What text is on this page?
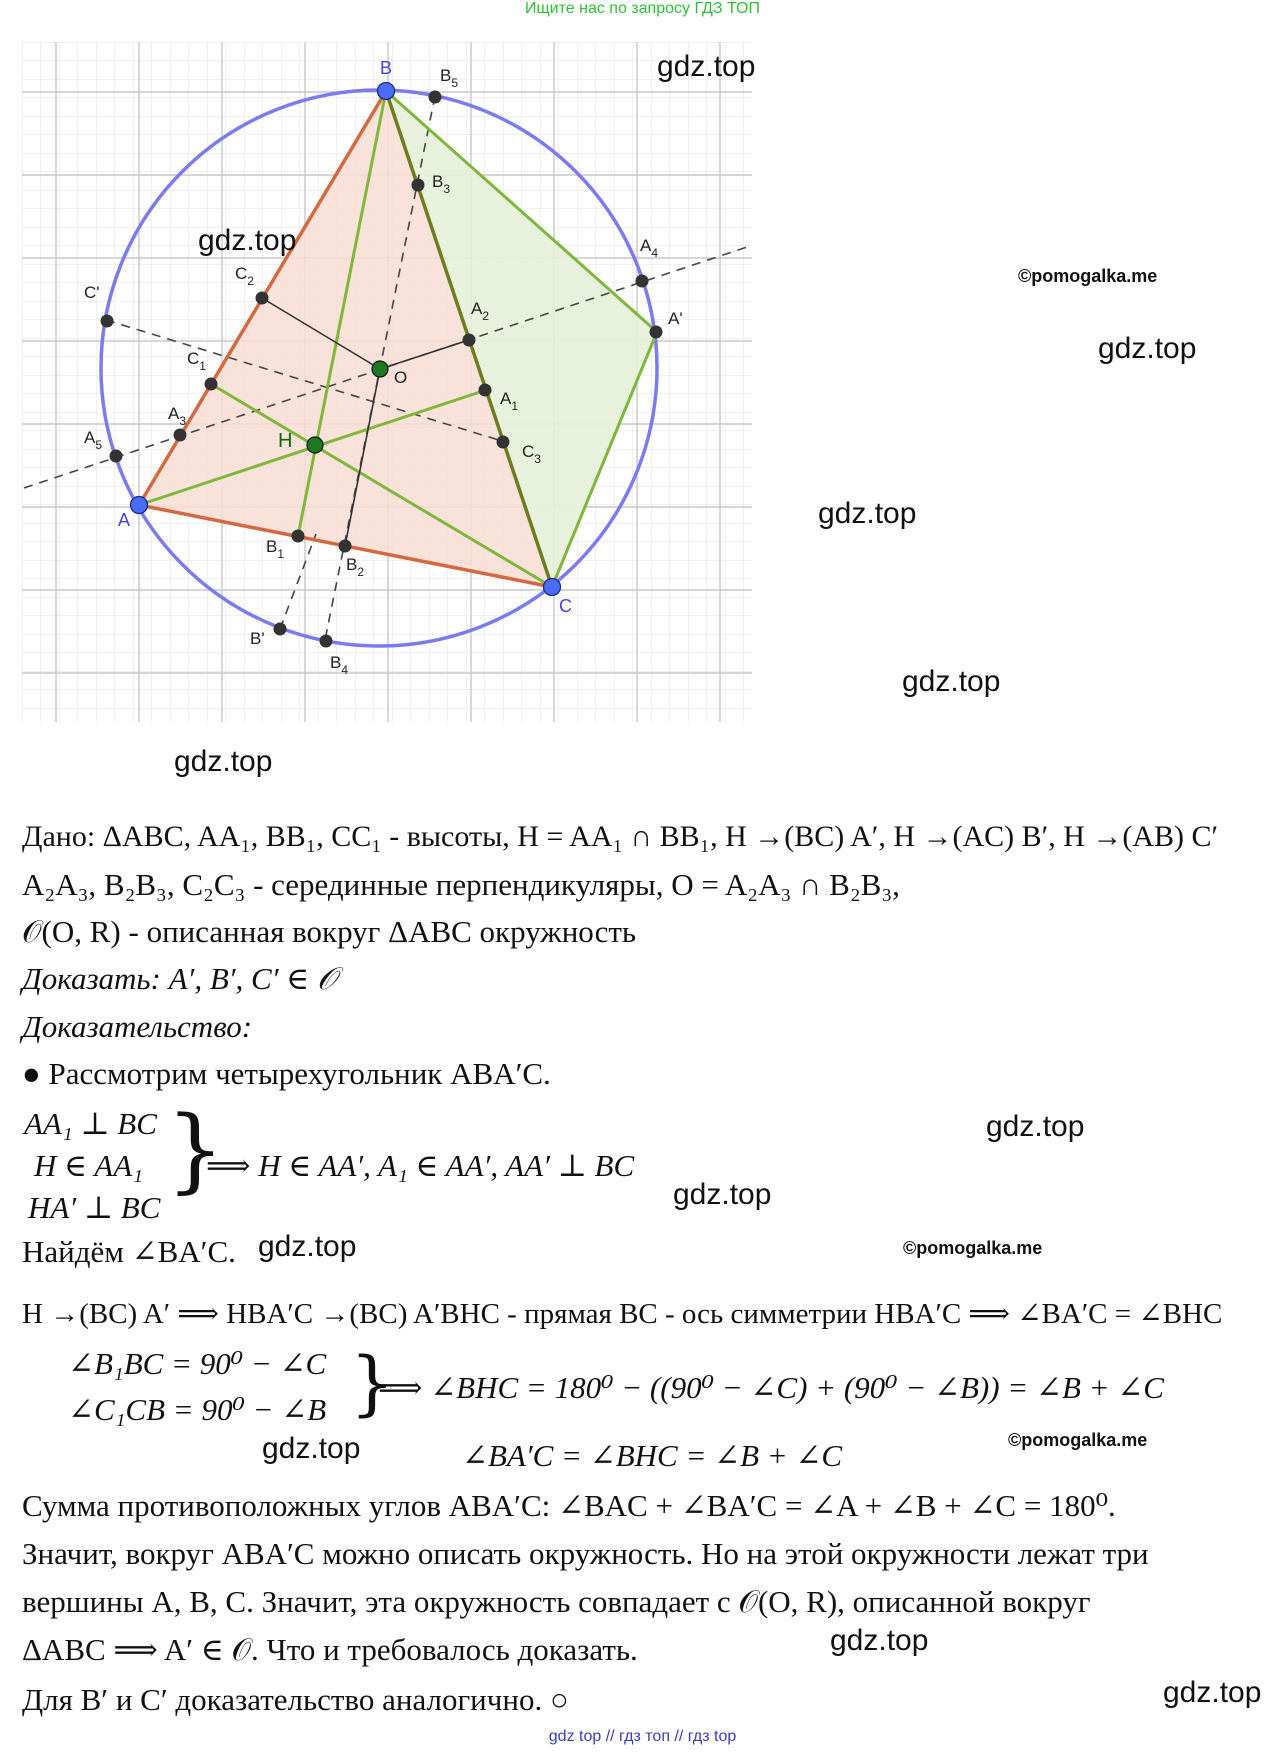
Ищите нас по запросу ГДЗ ТОП
A
B
C
O
H
$A_1$
$A_2$
$A_3$
$A_4$
$A_5$
A'
$B_1$
$B_2$
$B_3$
$B_4$
$B_5$
B'
$C_1$
$C_2$
$C_3$
C'
gdz.top
gdz.top
©pomogalka.me
gdz.top
gdz.top
gdz.top
gdz.top
Дано: ΔABC, AA₁, BB₁, CC₁ - высоты, H = AA₁ ∩ BB₁, H →(BC) A′, H →(AC) B′, H →(AB) C′
A₂A₃, B₂B₃, C₂C₃ - серединные перпендикуляры, O = A₂A₃ ∩ B₂B₃,
𝒪(O, R) - описанная вокруг ΔABC окружность
Доказать: A′, B′, C′ ∈ 𝒪
Доказательство:
● Рассмотрим четырехугольник ABA′C.
AA₁ ⊥ BC
H ∈ AA₁
HA′ ⊥ BC
}
⟹ H ∈ AA′, A₁ ∈ AA′, AA′ ⊥ BC
gdz.top
gdz.top
Найдём ∠BA′C. gdz.top	©pomogalka.me
H →(BC) A′ ⟹ HBA′C →(BC) A′BHC - прямая BC - ось симметрии HBA′C ⟹ ∠BA′C = ∠BHC
∠B₁BC = 90⁰ − ∠C
∠C₁CB = 90⁰ − ∠B }
⟹ ∠BHC = 180⁰ − ((90⁰ − ∠C) + (90⁰ − ∠B)) = ∠B + ∠C
©pomogalka.me
gdz.top	∠BA′C = ∠BHC = ∠B + ∠C
Сумма противоположных углов ABA′C: ∠BAC + ∠BA′C = ∠A + ∠B + ∠C = 180⁰.
Значит, вокруг ABA′C можно описать окружность. Но на этой окружности лежат три
вершины A, B, C. Значит, эта окружность совпадает с 𝒪(O, R), описанной вокруг
ΔABC ⟹ A′ ∈ 𝒪. Что и требовалось доказать.	gdz.top
Для B′ и C′ доказательство аналогично. ○	gdz.top
gdz top // гдз топ // гдз top
